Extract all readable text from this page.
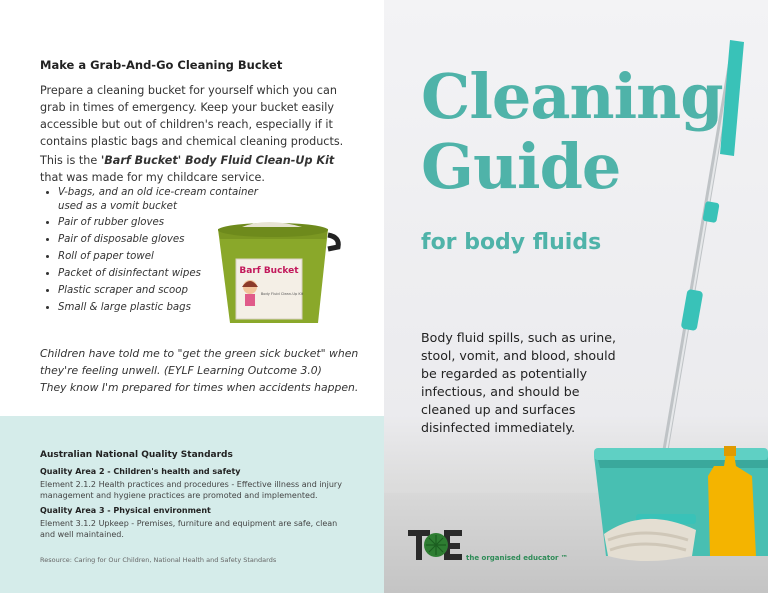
Make a Grab-And-Go Cleaning Bucket
Prepare a cleaning bucket for yourself which you can grab in times of emergency. Keep your bucket easily accessible but out of children's reach, especially if it contains plastic bags and chemical cleaning products.
This is the 'Barf Bucket' Body Fluid Clean-Up Kit that was made for my childcare service.
• V-bags, and an old ice-cream container used as a vomit bucket
• Pair of rubber gloves
• Pair of disposable gloves
• Roll of paper towel
• Packet of disinfectant wipes
• Plastic scraper and scoop
• Small & large plastic bags
Barf Bucket
Body Fluid Clean-Up Kit
Children have told me to "get the green sick bucket" when they're feeling unwell. (EYLF Learning Outcome 3.0)
They know I'm prepared for times when accidents happen.
Australian National Quality Standards
Quality Area 2 - Children's health and safety
Element 2.1.2 Health practices and procedures - Effective illness and injury management and hygiene practices are promoted and implemented.
Quality Area 3 - Physical environment
Element 3.1.2 Upkeep - Premises, furniture and equipment are safe, clean and well maintained.
Resource: Caring for Our Children, National Health and Safety Standards
Cleaning
Guide
for body fluids
Body fluid spills, such as urine, stool, vomit, and blood, should be regarded as potentially infectious, and should be cleaned up and surfaces disinfected immediately.
the organised educator ™
